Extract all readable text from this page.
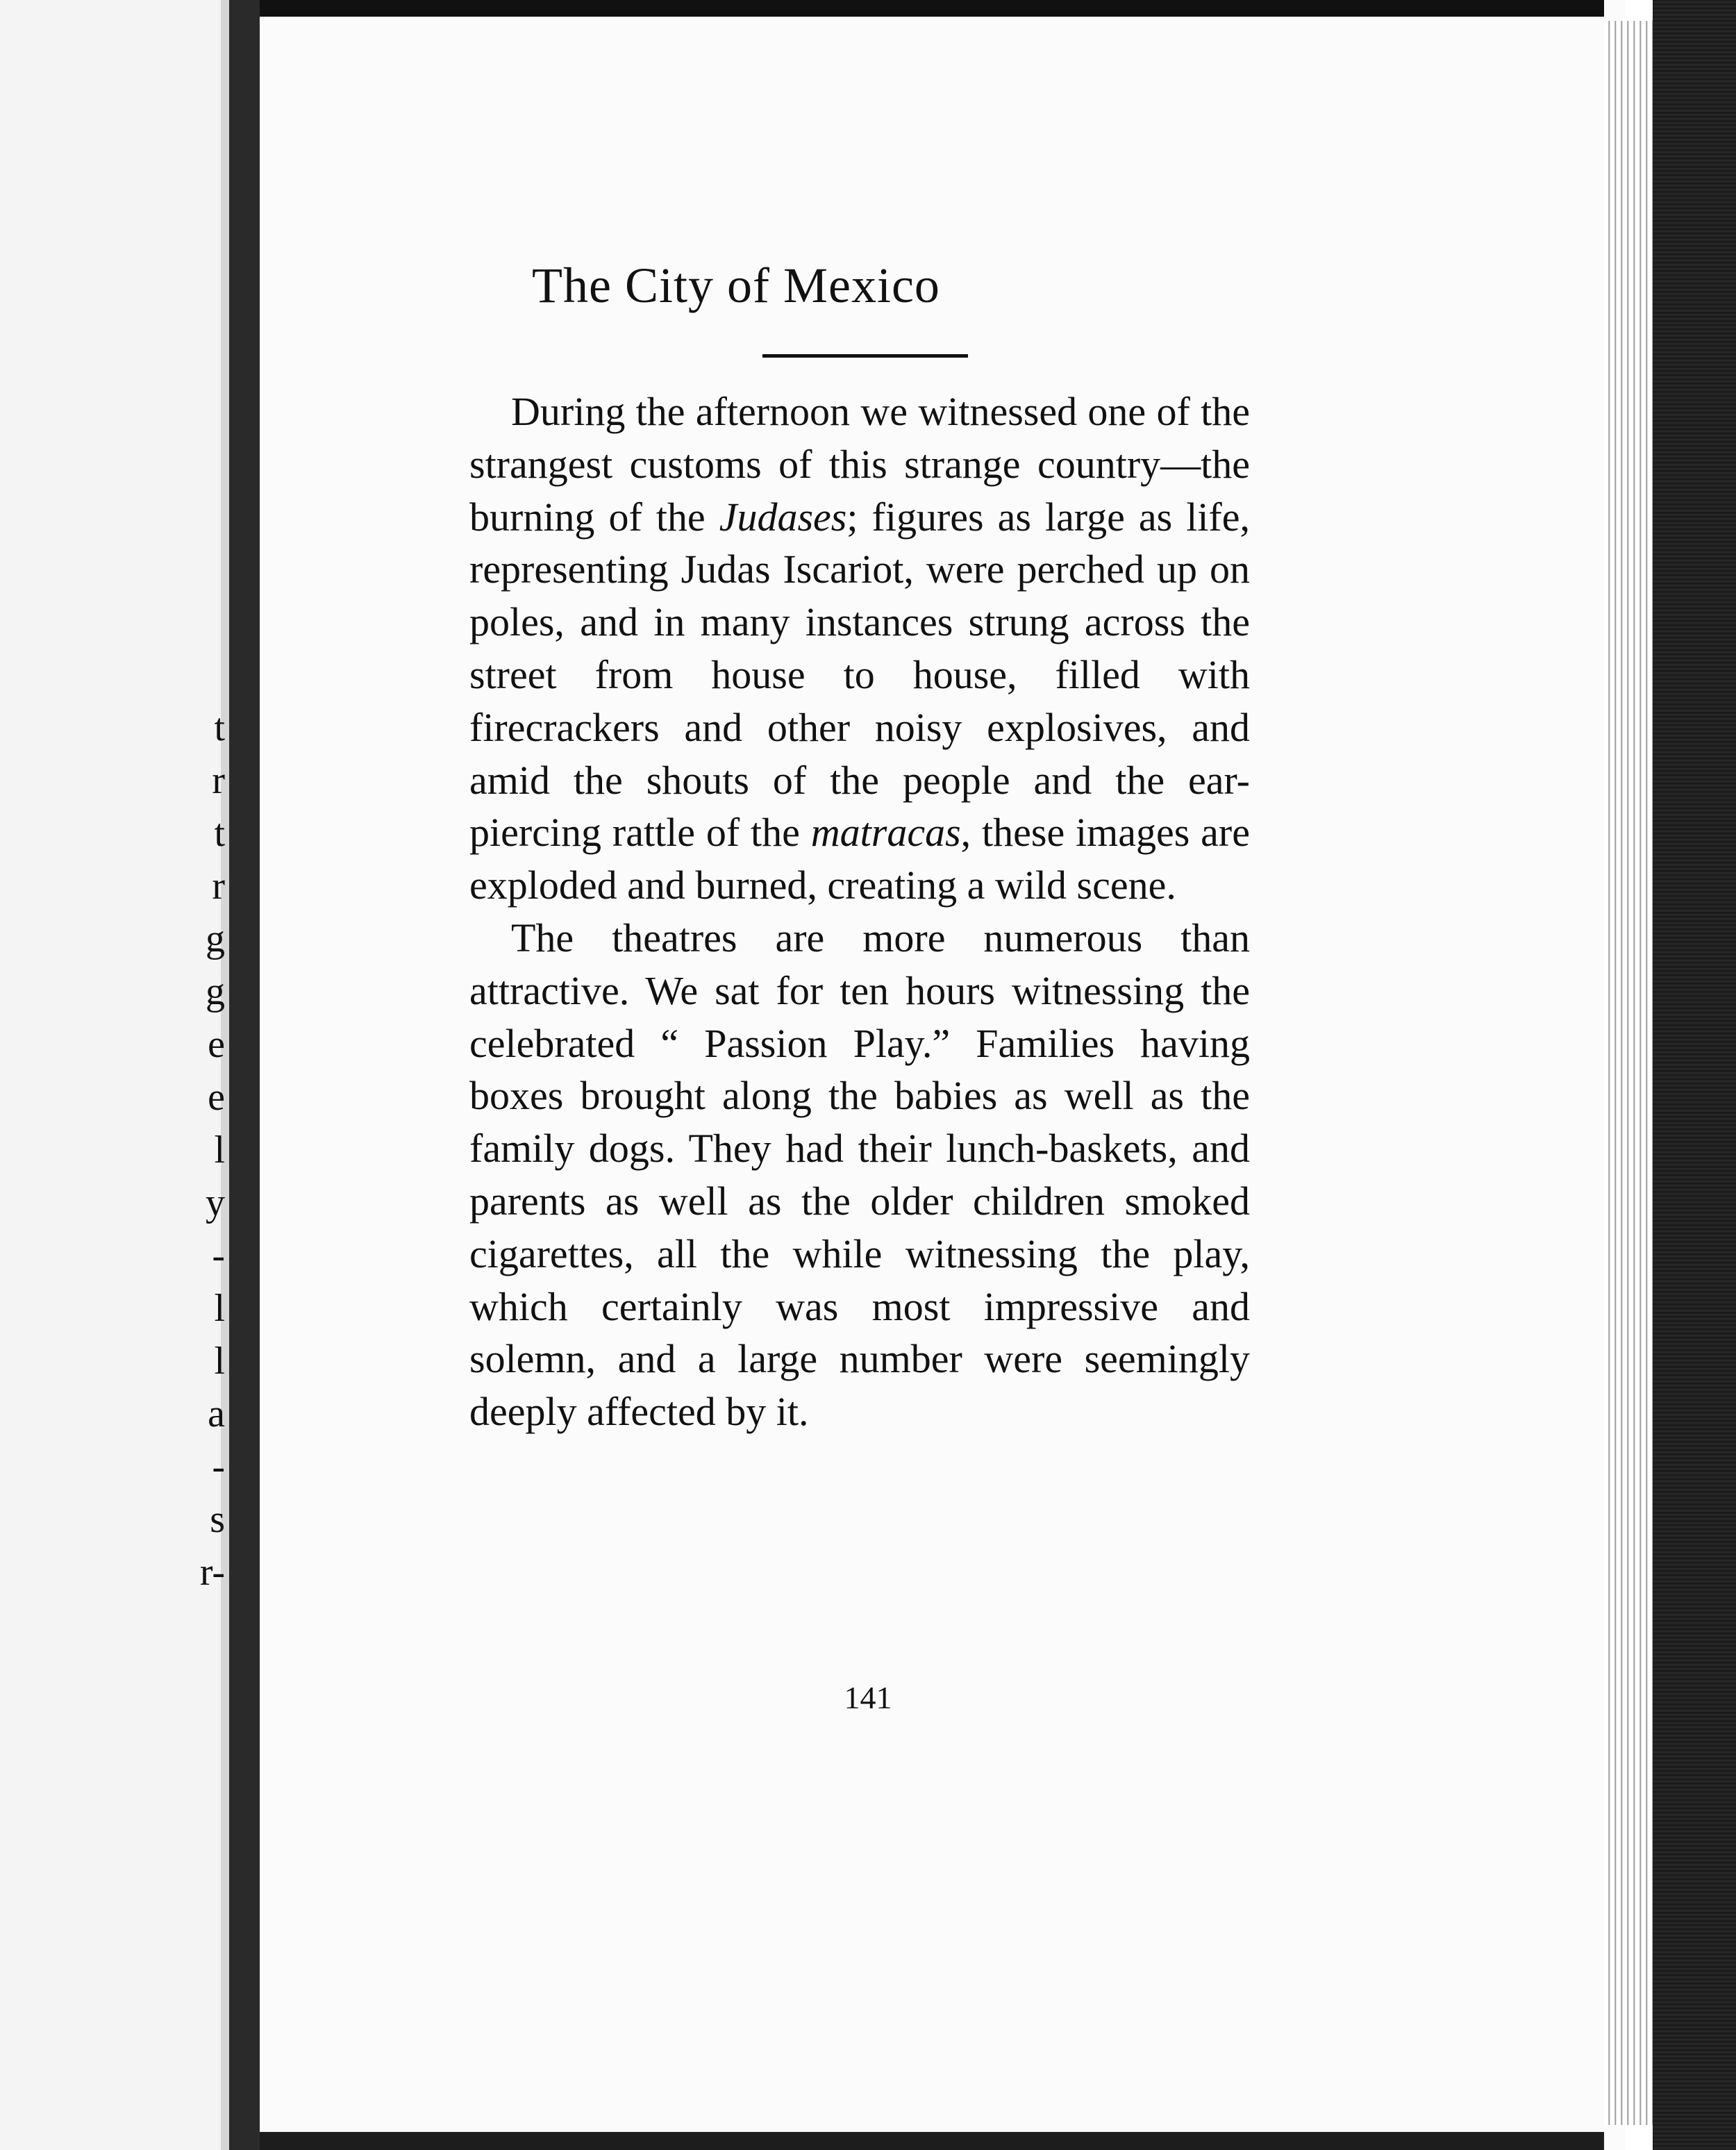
t
r
t
r
g
g
e
e
l
y
-
l
l
a
-
s
r-
The City of Mexico

During the afternoon we witnessed one of the strangest customs of this strange country—the burning of the Judases; figures as large as life, representing Judas Iscariot, were perched up on poles, and in many instances strung across the street from house to house, filled with firecrackers and other noisy explosives, and amid the shouts of the people and the ear-piercing rattle of the matracas, these images are exploded and burned, creating a wild scene.

The theatres are more numerous than attractive. We sat for ten hours witnessing the celebrated “ Passion Play.” Families having boxes brought along the babies as well as the family dogs. They had their lunch-baskets, and parents as well as the older children smoked cigarettes, all the while witnessing the play, which certainly was most impressive and solemn, and a large number were seemingly deeply affected by it.

141
